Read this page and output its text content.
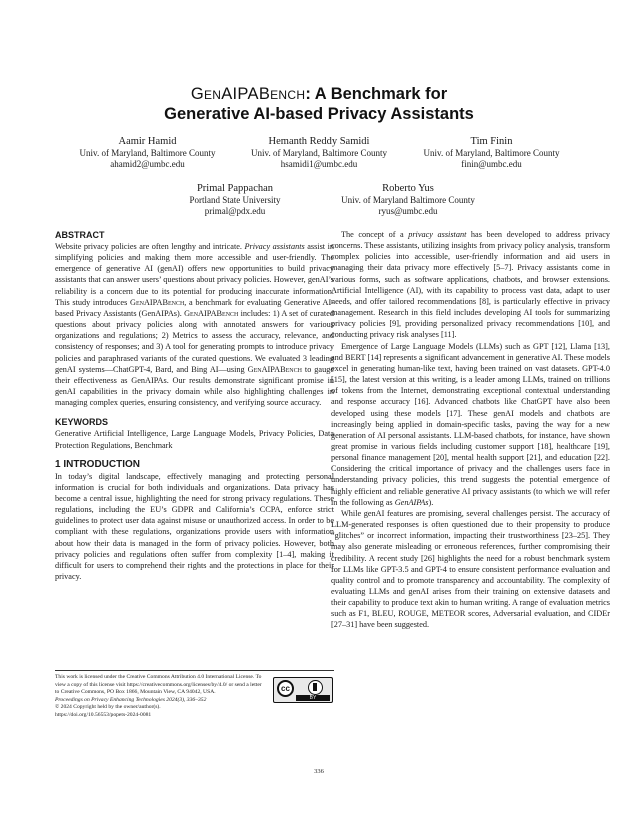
GenAIPABench: A Benchmark for
Generative AI-based Privacy Assistants
Aamir Hamid
Univ. of Maryland, Baltimore County
ahamid2@umbc.edu
Hemanth Reddy Samidi
Univ. of Maryland, Baltimore County
hsamidi1@umbc.edu
Tim Finin
Univ. of Maryland, Baltimore County
finin@umbc.edu
Primal Pappachan
Portland State University
primal@pdx.edu
Roberto Yus
Univ. of Maryland Baltimore County
ryus@umbc.edu
ABSTRACT

Website privacy policies are often lengthy and intricate. Privacy assistants assist in simplifying policies and making them more accessible and user-friendly. The emergence of generative AI (genAI) offers new opportunities to build privacy assistants that can answer users’ questions about privacy policies. However, genAI’s reliability is a concern due to its potential for producing inaccurate information. This study introduces GenAIPABench, a benchmark for evaluating Generative AI-based Privacy Assistants (GenAIPAs). GenAIPABench includes: 1) A set of curated questions about privacy policies along with annotated answers for various organizations and regulations; 2) Metrics to assess the accuracy, relevance, and consistency of responses; and 3) A tool for generating prompts to introduce privacy policies and paraphrased variants of the curated questions. We evaluated 3 leading genAI systems—ChatGPT-4, Bard, and Bing AI—using GenAIPABench to gauge their effectiveness as GenAIPAs. Our results demonstrate significant promise in genAI capabilities in the privacy domain while also highlighting challenges in managing complex queries, ensuring consistency, and verifying source accuracy.

KEYWORDS

Generative Artificial Intelligence, Large Language Models, Privacy Policies, Data Protection Regulations, Benchmark

1 INTRODUCTION

In today’s digital landscape, effectively managing and protecting personal information is crucial for both individuals and organizations. Data privacy has become a central issue, highlighting the need for strong privacy regulations. These regulations, including the EU’s GDPR and California’s CCPA, enforce strict guidelines to protect user data against misuse or unauthorized access. In order to be compliant with these regulations, organizations provide users with information about how their data is managed in the form of privacy policies. However, both privacy policies and regulations often suffer from complexity [1–4], making it difficult for users to comprehend their rights and the protections in place for their privacy.

This work is licensed under the Creative Commons Attribution 4.0 International License. To view a copy of this license visit https://creativecommons.org/licenses/by/4.0/ or send a letter to Creative Commons, PO Box 1866, Mountain View, CA 94042, USA.	cc
BY
Proceedings on Privacy Enhancing Technologies 2024(3), 336–352
© 2024 Copyright held by the owner/author(s).
https://doi.org/10.56553/popets-2024-0081

The concept of a privacy assistant has been developed to address privacy concerns. These assistants, utilizing insights from privacy policy analysis, transform complex policies into accessible, user-friendly information and aid users in managing their data privacy more effectively [5–7]. Privacy assistants come in various forms, such as software applications, chatbots, and browser extensions. Artificial Intelligence (AI), with its capability to process vast data, adapt to user needs, and offer tailored recommendations [8], is particularly effective in privacy management. Research in this field includes developing AI tools for summarizing privacy policies [9], providing personalized privacy recommendations [10], and conducting privacy risk analyses [11].

Emergence of Large Language Models (LLMs) such as GPT [12], Llama [13], and BERT [14] represents a significant advancement in generative AI. These models excel in generating human-like text, having been trained on vast datasets. GPT-4.0 [15], the latest version at this writing, is a leader among LLMs, trained on trillions of tokens from the Internet, demonstrating exceptional contextual understanding and response accuracy [16]. Advanced chatbots like ChatGPT have also been developed using these models [17]. These genAI models and chatbots are increasingly being applied in domain-specific tasks, paving the way for a new generation of AI personal assistants. LLM-based chatbots, for instance, have shown great promise in various fields including customer support [18], healthcare [19], personal finance management [20], mental health support [21], and education [22]. Considering the critical importance of privacy and the challenges users face in understanding privacy policies, this trend suggests the potential emergence of highly efficient and reliable generative AI privacy assistants (to which we will refer in the following as GenAIPAs).

While genAI features are promising, several challenges persist. The accuracy of LLM-generated responses is often questioned due to their propensity to produce “glitches” or incorrect information, impacting their trustworthiness [23–25]. They may also generate misleading or erroneous references, further compromising their credibility. A recent study [26] highlights the need for a robust benchmark system for LLMs like GPT-3.5 and GPT-4 to ensure consistent performance evaluation and quality control and to promote transparency and accountability. The complexity of evaluating LLMs and genAI arises from their training on extensive datasets and their capability to produce text akin to human writing. A range of evaluation metrics such as F1, BLEU, ROUGE, METEOR scores, Adversarial evaluation, and CIDEr [27–31] have been suggested.

336
